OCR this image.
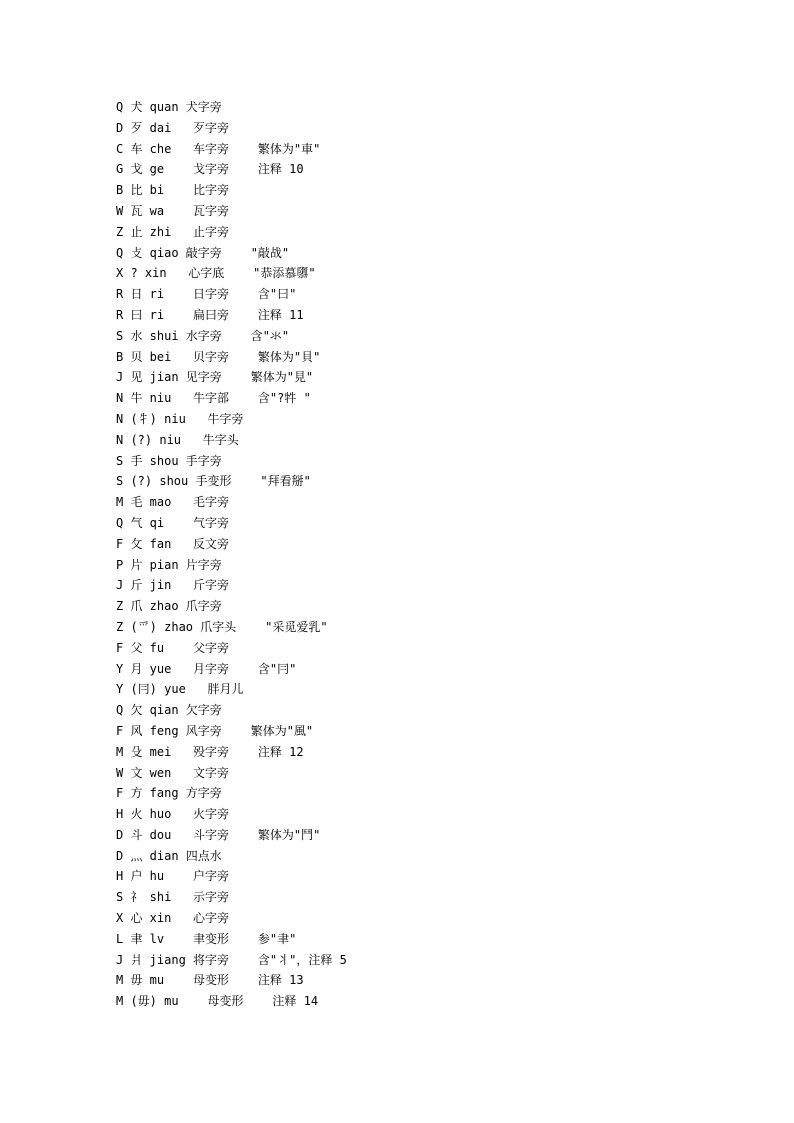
Q 犬 quan 犬字旁
D 歹 dai   歹字旁
C 车 che   车字旁    繁体为"車"
G 戈 ge    戈字旁    注释 10
B 比 bi    比字旁
W 瓦 wa    瓦字旁
Z 止 zhi   止字旁
Q 攴 qiao 敲字旁    "敲战"
X ? xin   心字底    "恭添慕隳"
R 日 ri    日字旁    含"曰"
R 曰 ri    扁曰旁    注释 11
S 水 shui 水字旁    含"氺"
B 贝 bei   贝字旁    繁体为"貝"
J 见 jian 见字旁    繁体为"見"
N 牛 niu   牛字部    含"?牪 "
N (牜) niu   牛字旁
N (?) niu   牛字头
S 手 shou 手字旁
S (?) shou 手变形    "拜看掰"
M 毛 mao   毛字旁
Q 气 qi    气字旁
F 攵 fan   反文旁
P 片 pian 片字旁
J 斤 jin   斤字旁
Z 爪 zhao 爪字旁
Z (爫) zhao 爪字头    "采觅爱乳"
F 父 fu    父字旁
Y 月 yue   月字旁    含"冃"
Y (冃) yue   胖月儿
Q 欠 qian 欠字旁
F 风 feng 风字旁    繁体为"風"
M 殳 mei   殁字旁    注释 12
W 文 wen   文字旁
F 方 fang 方字旁
H 火 huo   火字旁
D 斗 dou   斗字旁    繁体为"鬥"
D 灬 dian 四点水
H 户 hu    户字旁
S 礻 shi   示字旁
X 心 xin   心字旁
L 聿 lv    聿变形    参"聿"
J 爿 jiang 将字旁    含"丬"，注释 5
M 毋 mu    母变形    注释 13
M (毋) mu    母变形    注释 14
